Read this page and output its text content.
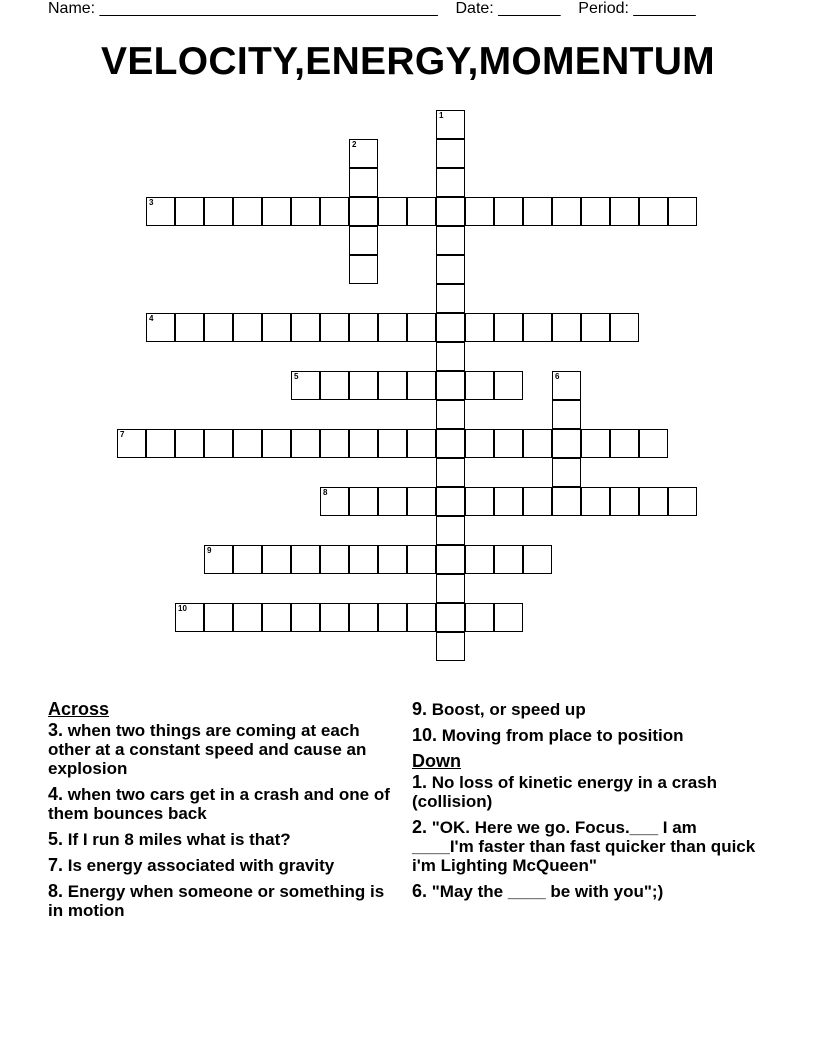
Name: ______________________________________ Date: _______ Period: _______
VELOCITY,ENERGY,MOMENTUM
1
2
3
4
5	6
7
8
9
10
Across
3. when two things are coming at each other at a constant speed and cause an explosion
4. when two cars get in a crash and one of them bounces back
5. If I run 8 miles what is that?
7. Is energy associated with gravity
8. Energy when someone or something is in motion
9. Boost, or speed up
10. Moving from place to position
Down
1. No loss of kinetic energy in a crash (collision)
2. "OK. Here we go. Focus.___ I am ____I'm faster than fast quicker than quick i'm Lighting McQueen"
6. "May the ____ be with you";)
